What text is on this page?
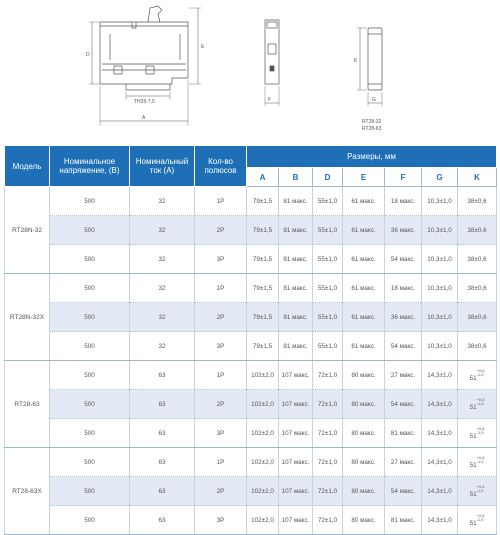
D
E
A
TH35-7,5	F
K
G
RT28-32
RT28-63
Модель	Номинальное напряжение, (В)	Номинальный ток (А)	Кол-во полюсов	Размеры, мм						
				A	B	D	E	F	G	K
RT28N-32	500	32	1P	79±1,5	81 макс.	55±1,0	61 макс.	18 макс.	10,3±1,0	38±0,6
	500	32	2P	79±1,5	81 макс.	55±1,0	61 макс.	36 макс.	10,3±1,0	38±0,6
	500	32	3P	79±1,5	81 макс.	55±1,0	61 макс.	54 макс.	10,3±1,0	38±0,6
RT28N-32X	500	32	1P	79±1,5	81 макс.	55±1,0	61 макс.	18 макс.	10,3±1,0	38±0,6
	500	32	2P	79±1,5	81 макс.	55±1,0	61 макс.	36 макс.	10,3±1,0	38±0,6
	500	32	3P	79±1,5	81 макс.	55±1,0	61 макс.	54 макс.	10,3±1,0	38±0,6
RT28-63	500	63	1P	102±2,0	107 макс.	72±1,0	80 макс.	27 макс.	14,3±1,0	51
+0,6
-1,0

	500	63	2P	102±2,0	107 макс.	72±1,0	80 макс.	54 макс.	14,3±1,0	51
+0,6
-1,0

	500	63	3P	102±2,0	107 макс.	72±1,0	80 макс.	81 макс.	14,3±1,0	51
+0,6
-1,0

RT28-63X	500	63	1P	102±2,0	107 макс.	72±1,0	80 макс.	27 макс.	14,3±1,0	51
+0,6
-1,0

	500	63	2P	102±2,0	107 макс.	72±1,0	80 макс.	54 макс.	14,3±1,0	51
+0,6
-1,0

	500	63	3P	102±2,0	107 макс.	72±1,0	80 макс.	81 макс.	14,3±1,0	51
+0,6
-1,0
